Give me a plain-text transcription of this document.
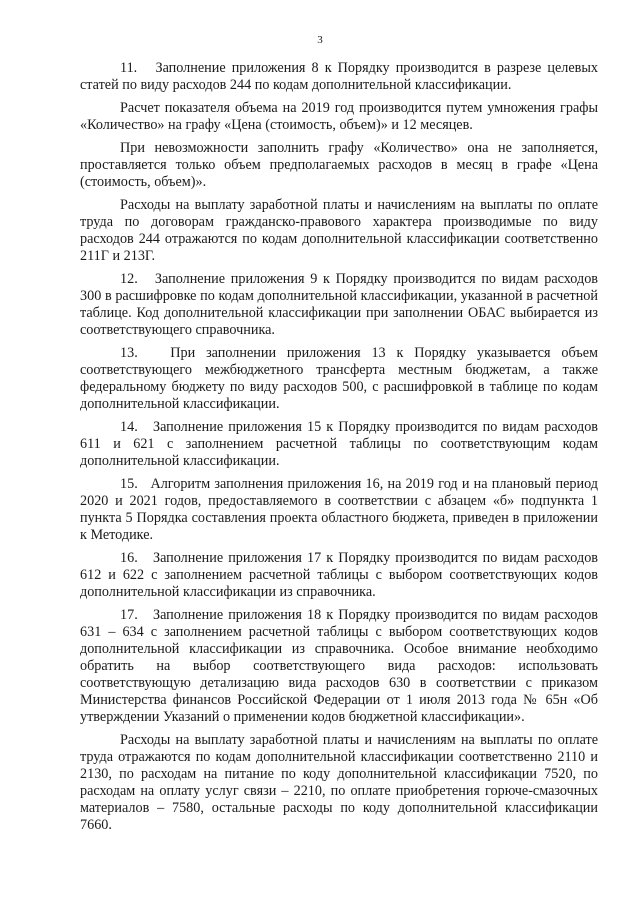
3

11.   Заполнение приложения 8 к Порядку производится в разрезе целевых статей по виду расходов 244 по кодам дополнительной классификации.

Расчет показателя объема на 2019 год производится путем умножения графы «Количество» на графу «Цена (стоимость, объем)» и 12 месяцев.

При невозможности заполнить графу «Количество» она не заполняется, проставляется только объем предполагаемых расходов в месяц в графе «Цена (стоимость, объем)».

Расходы на выплату заработной платы и начислениям на выплаты по оплате труда по договорам гражданско-правового характера производимые по виду расходов 244 отражаются по кодам дополнительной классификации соответственно 211Г и 213Г.

12.   Заполнение приложения 9 к Порядку производится по видам расходов 300 в расшифровке по кодам дополнительной классификации, указанной в расчетной таблице. Код дополнительной классификации при заполнении ОБАС выбирается из соответствующего справочника.

13.   При заполнении приложения 13 к Порядку указывается объем соответствующего межбюджетного трансферта местным бюджетам, а также федеральному бюджету по виду расходов 500, с расшифровкой в таблице по кодам дополнительной классификации.

14.   Заполнение приложения 15 к Порядку производится по видам расходов 611 и 621 с заполнением расчетной таблицы по соответствующим кодам дополнительной классификации.

15.   Алгоритм заполнения приложения 16, на 2019 год и на плановый период 2020 и 2021 годов, предоставляемого в соответствии с абзацем «б» подпункта 1 пункта 5 Порядка составления проекта областного бюджета, приведен в приложении к Методике.

16.   Заполнение приложения 17 к Порядку производится по видам расходов 612 и 622 с заполнением расчетной таблицы с выбором соответствующих кодов дополнительной классификации из справочника.

17.   Заполнение приложения 18 к Порядку производится по видам расходов 631 – 634 с заполнением расчетной таблицы с выбором соответствующих кодов дополнительной классификации из справочника. Особое внимание необходимо обратить на выбор соответствующего вида расходов: использовать соответствующую детализацию вида расходов 630 в соответствии с приказом Министерства финансов Российской Федерации от 1 июля 2013 года № 65н «Об утверждении Указаний о применении кодов бюджетной классификации».

Расходы на выплату заработной платы и начислениям на выплаты по оплате труда отражаются по кодам дополнительной классификации соответственно 2110 и 2130, по расходам на питание по коду дополнительной классификации 7520, по расходам на оплату услуг связи – 2210, по оплате приобретения горюче-смазочных материалов – 7580, остальные расходы по коду дополнительной классификации 7660.
